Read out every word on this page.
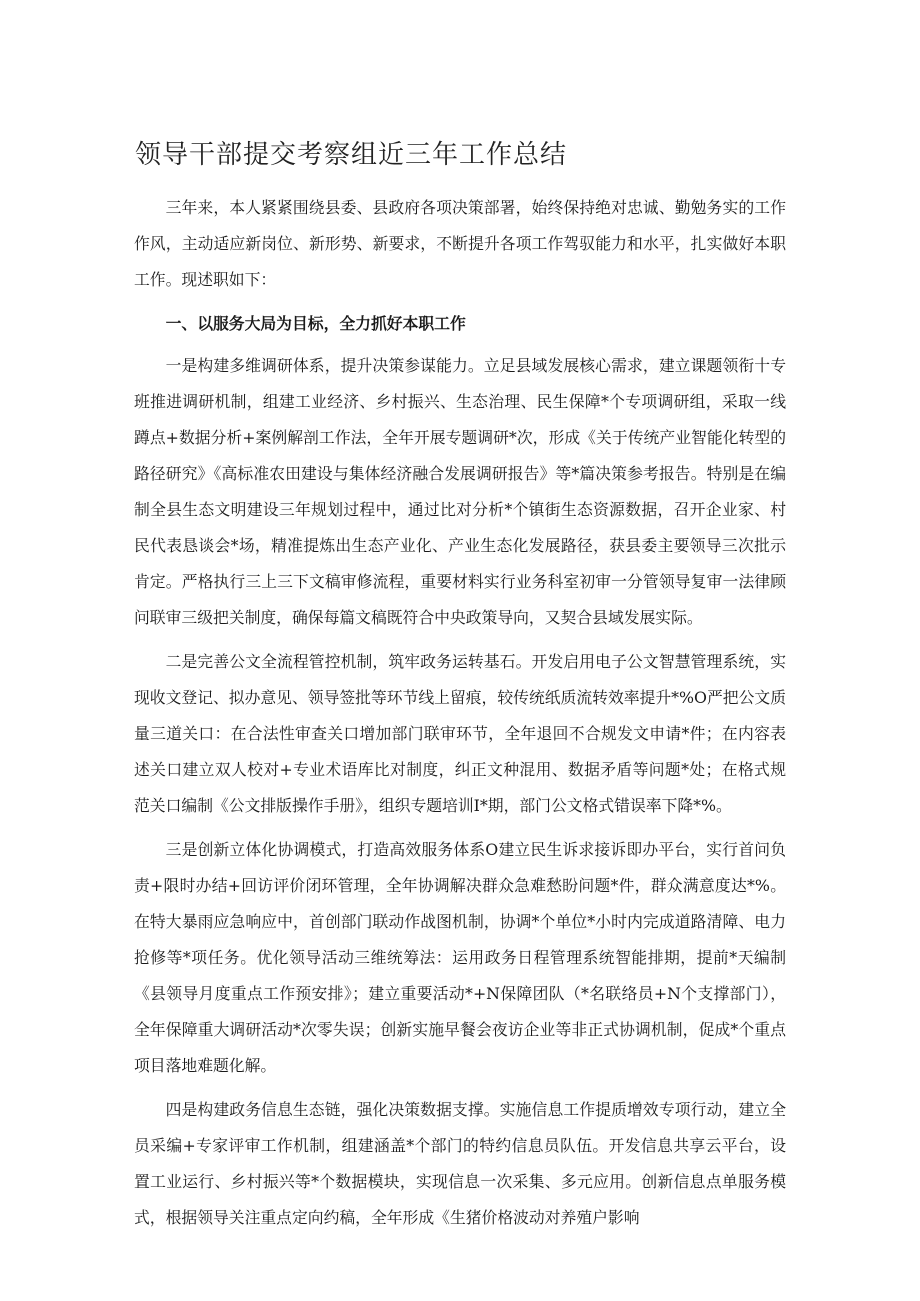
领导干部提交考察组近三年工作总结

三年来，本人紧紧围绕县委、县政府各项决策部署，始终保持绝对忠诚、勤勉务实的工作作风，主动适应新岗位、新形势、新要求，不断提升各项工作驾驭能力和水平，扎实做好本职工作。现述职如下：

一、以服务大局为目标，全力抓好本职工作

一是构建多维调研体系，提升决策参谋能力。立足县域发展核心需求，建立课题领衔十专班推进调研机制，组建工业经济、乡村振兴、生态治理、民生保障*个专项调研组，采取一线蹲点+数据分析+案例解剖工作法，全年开展专题调研*次，形成《关于传统产业智能化转型的路径研究》《高标准农田建设与集体经济融合发展调研报告》等*篇决策参考报告。特别是在编制全县生态文明建设三年规划过程中，通过比对分析*个镇街生态资源数据，召开企业家、村民代表恳谈会*场，精准提炼出生态产业化、产业生态化发展路径，获县委主要领导三次批示肯定。严格执行三上三下文稿审修流程，重要材料实行业务科室初审一分管领导复审一法律顾问联审三级把关制度，确保每篇文稿既符合中央政策导向，又契合县域发展实际。

二是完善公文全流程管控机制，筑牢政务运转基石。开发启用电子公文智慧管理系统，实现收文登记、拟办意见、领导签批等环节线上留痕，较传统纸质流转效率提升*%O严把公文质量三道关口：在合法性审查关口增加部门联审环节，全年退回不合规发文申请*件；在内容表述关口建立双人校对+专业术语库比对制度，纠正文种混用、数据矛盾等问题*处；在格式规范关口编制《公文排版操作手册》，组织专题培训I*期，部门公文格式错误率下降*%。

三是创新立体化协调模式，打造高效服务体系O建立民生诉求接诉即办平台，实行首问负责+限时办结+回访评价闭环管理，全年协调解决群众急难愁盼问题*件，群众满意度达*%。在特大暴雨应急响应中，首创部门联动作战图机制，协调*个单位*小时内完成道路清障、电力抢修等*项任务。优化领导活动三维统筹法：运用政务日程管理系统智能排期，提前*天编制《县领导月度重点工作预安排》；建立重要活动*+N保障团队（*名联络员+N个支撑部门），全年保障重大调研活动*次零失误；创新实施早餐会夜访企业等非正式协调机制，促成*个重点项目落地难题化解。

四是构建政务信息生态链，强化决策数据支撑。实施信息工作提质增效专项行动，建立全员采编+专家评审工作机制，组建涵盖*个部门的特约信息员队伍。开发信息共享云平台，设置工业运行、乡村振兴等*个数据模块，实现信息一次采集、多元应用。创新信息点单服务模式，根据领导关注重点定向约稿，全年形成《生猪价格波动对养殖户影响
